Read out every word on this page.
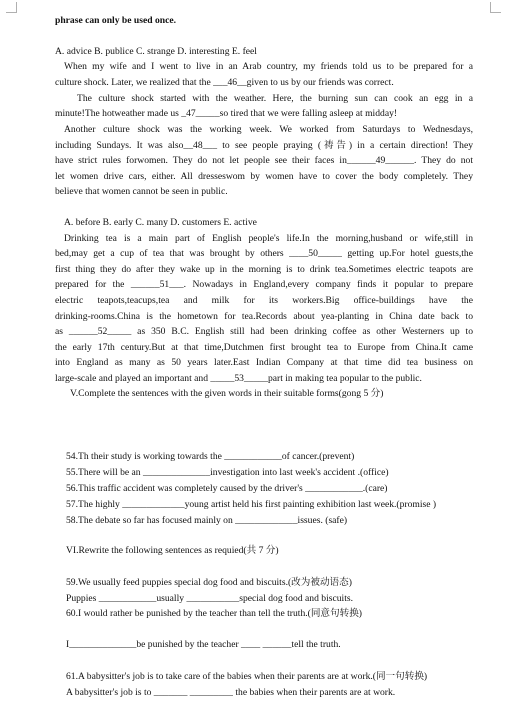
phrase can only be used once.
A. advice B. publice C. strange D. interesting E. feel
When my wife and I went to live in an Arab country, my friends told us to be prepared for a
culture shock. Later, we realized that the ___46__given to us by our friends was correct.
The culture shock started with the weather. Here, the burning sun can cook an egg in a
minute!The hotweather made us _47_____so tired that we were falling asleep at midday!
Another culture shock was the working week. We worked from Saturdays to Wednesdays,
including Sundays. It was also__48___ to see people praying (祷告) in a certain direction! They
have strict rules forwomen. They do not let people see their faces in______49______. They do not
let women drive cars, either. All dresseswom by women have to cover the body completely. They
believe that women cannot be seen in public.
A. before B. early C. many D. customers E. active
Drinking tea is a main part of English people's life.In the morning,husband or wife,still in
bed,may get a cup of tea that was brought by others ____50_____ getting up.For hotel guests,the
first thing they do after they wake up in the morning is to drink tea.Sometimes electric teapots are
prepared for the ______51___. Nowadays in England,every company finds it popular to prepare
electric teapots,teacups,tea and milk for its workers.Big office-buildings have the
drinking-rooms.China is the hometown for tea.Records about yea-planting in China date back to
as ______52_____ as 350 B.C. English still had been drinking coffee as other Westerners up to
the early 17th century.But at that time,Dutchmen first brought tea to Europe from China.It came
into England as many as 50 years later.East Indian Company at that time did tea business on
large-scale and played an important and _____53_____part in making tea popular to the public.
V.Complete the sentences with the given words in their suitable forms(gong 5 分)
54.Th their study is working towards the ____________of cancer.(prevent)
55.There will be an ______________investigation into last week's accident .(office)
56.This traffic accident was completely caused by the driver's ____________.(care)
57.The highly _____________young artist held his first painting exhibition last week.(promise )
58.The debate so far has focused mainly on _____________issues. (safe)
VI.Rewrite the following sentences as requied(共 7 分)
59.We usually feed puppies special dog food and biscuits.(改为被动语态)
Puppies ____________usually ___________special dog food and biscuits.
60.I would rather be punished by the teacher than tell the truth.(同意句转换)
I______________be punished by the teacher ____ ______tell the truth.
61.A babysitter's job is to take care of the babies when their parents are at work.(同一句转换)
A babysitter's job is to _______ _________ the babies when their parents are at work.
